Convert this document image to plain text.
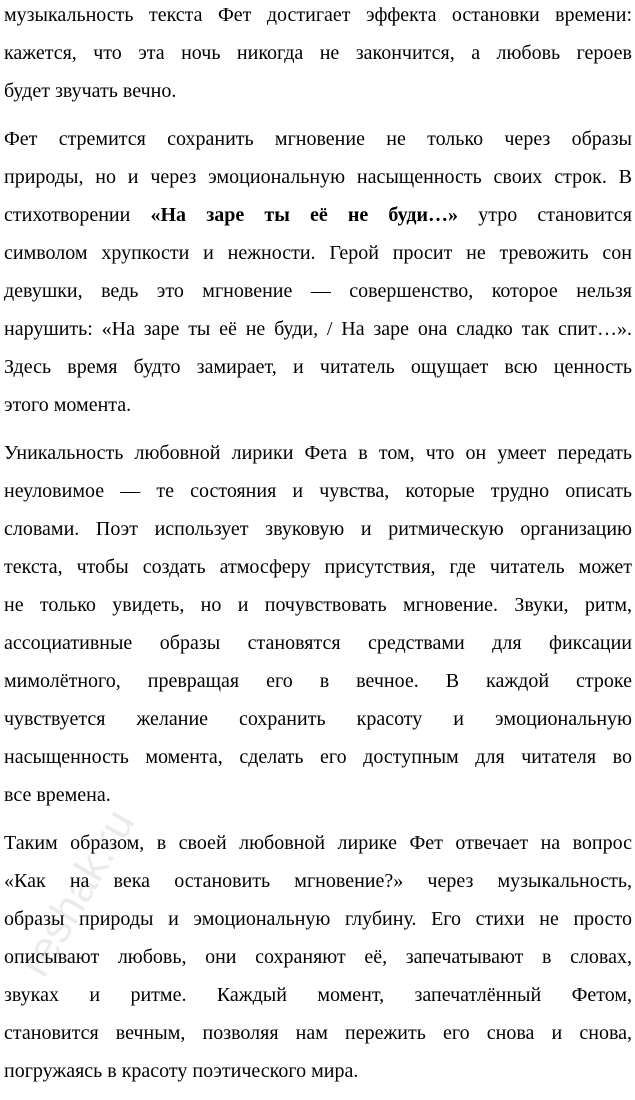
музыкальность текста Фет достигает эффекта остановки времени:
кажется, что эта ночь никогда не закончится, а любовь героев
будет звучать вечно.
Фет стремится сохранить мгновение не только через образы
природы, но и через эмоциональную насыщенность своих строк. В
стихотворении «На заре ты её не буди…» утро становится
символом хрупкости и нежности. Герой просит не тревожить сон
девушки, ведь это мгновение — совершенство, которое нельзя
нарушить: «На заре ты её не буди, / На заре она сладко так спит…».
Здесь время будто замирает, и читатель ощущает всю ценность
этого момента.
Уникальность любовной лирики Фета в том, что он умеет передать
неуловимое — те состояния и чувства, которые трудно описать
словами. Поэт использует звуковую и ритмическую организацию
текста, чтобы создать атмосферу присутствия, где читатель может
не только увидеть, но и почувствовать мгновение. Звуки, ритм,
ассоциативные образы становятся средствами для фиксации
мимолётного, превращая его в вечное. В каждой строке
чувствуется желание сохранить красоту и эмоциональную
насыщенность момента, сделать его доступным для читателя во
все времена.
Таким образом, в своей любовной лирике Фет отвечает на вопрос
«Как на века остановить мгновение?» через музыкальность,
образы природы и эмоциональную глубину. Его стихи не просто
описывают любовь, они сохраняют её, запечатывают в словах,
звуках и ритме. Каждый момент, запечатлённый Фетом,
становится вечным, позволяя нам пережить его снова и снова,
погружаясь в красоту поэтического мира.
reshak.ru
